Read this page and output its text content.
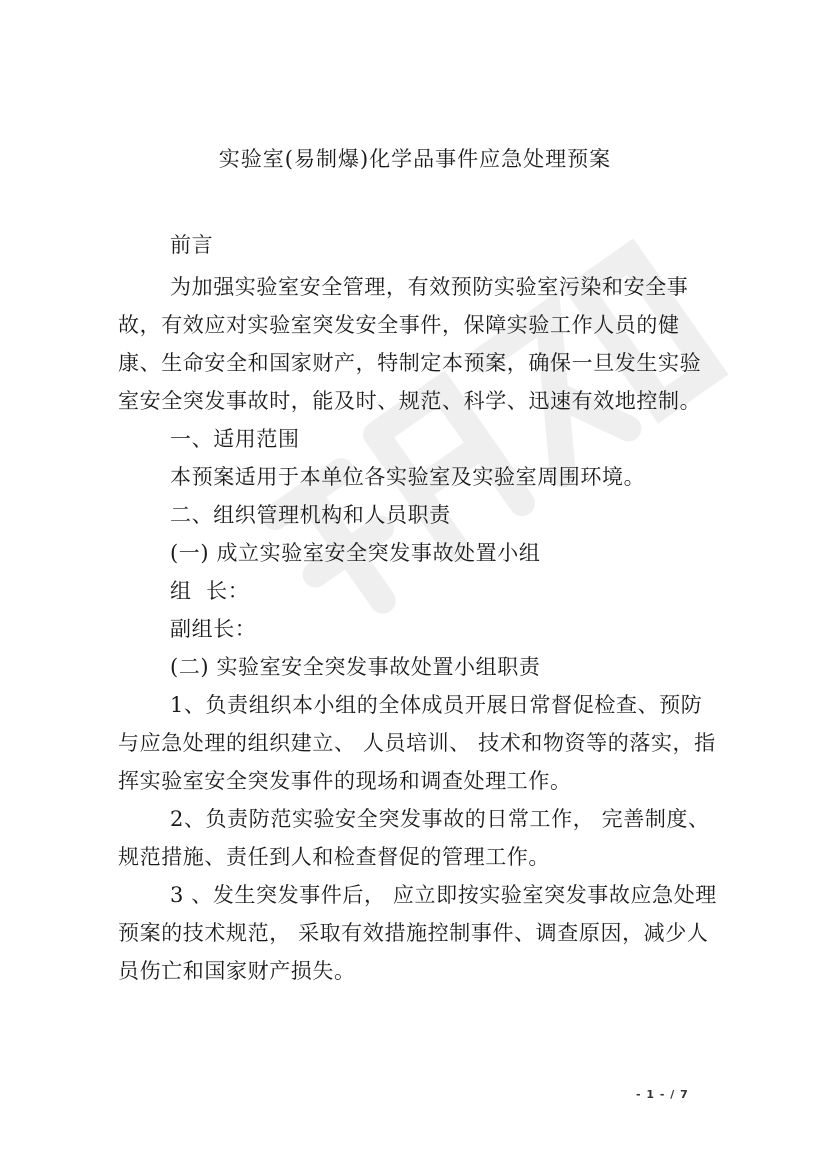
实验室(易制爆)化学品事件应急处理预案

前言

为加强实验室安全管理，有效预防实验室污染和安全事故，有效应对实验室突发安全事件，保障实验工作人员的健康、生命安全和国家财产，特制定本预案，确保一旦发生实验室安全突发事故时，能及时、规范、科学、迅速有效地控制。

一、适用范围

本预案适用于本单位各实验室及实验室周围环境。

二、组织管理机构和人员职责

(一) 成立实验室安全突发事故处置小组

组  长：

副组长：

(二) 实验室安全突发事故处置小组职责

1、负责组织本小组的全体成员开展日常督促检查、预防与应急处理的组织建立、 人员培训、 技术和物资等的落实，指挥实验室安全突发事件的现场和调查处理工作。

2、负责防范实验安全突发事故的日常工作， 完善制度、规范措施、责任到人和检查督促的管理工作。

3 、发生突发事件后， 应立即按实验室突发事故应急处理预案的技术规范， 采取有效措施控制事件、调查原因，减少人员伤亡和国家财产损失。

- 1 - / 7
